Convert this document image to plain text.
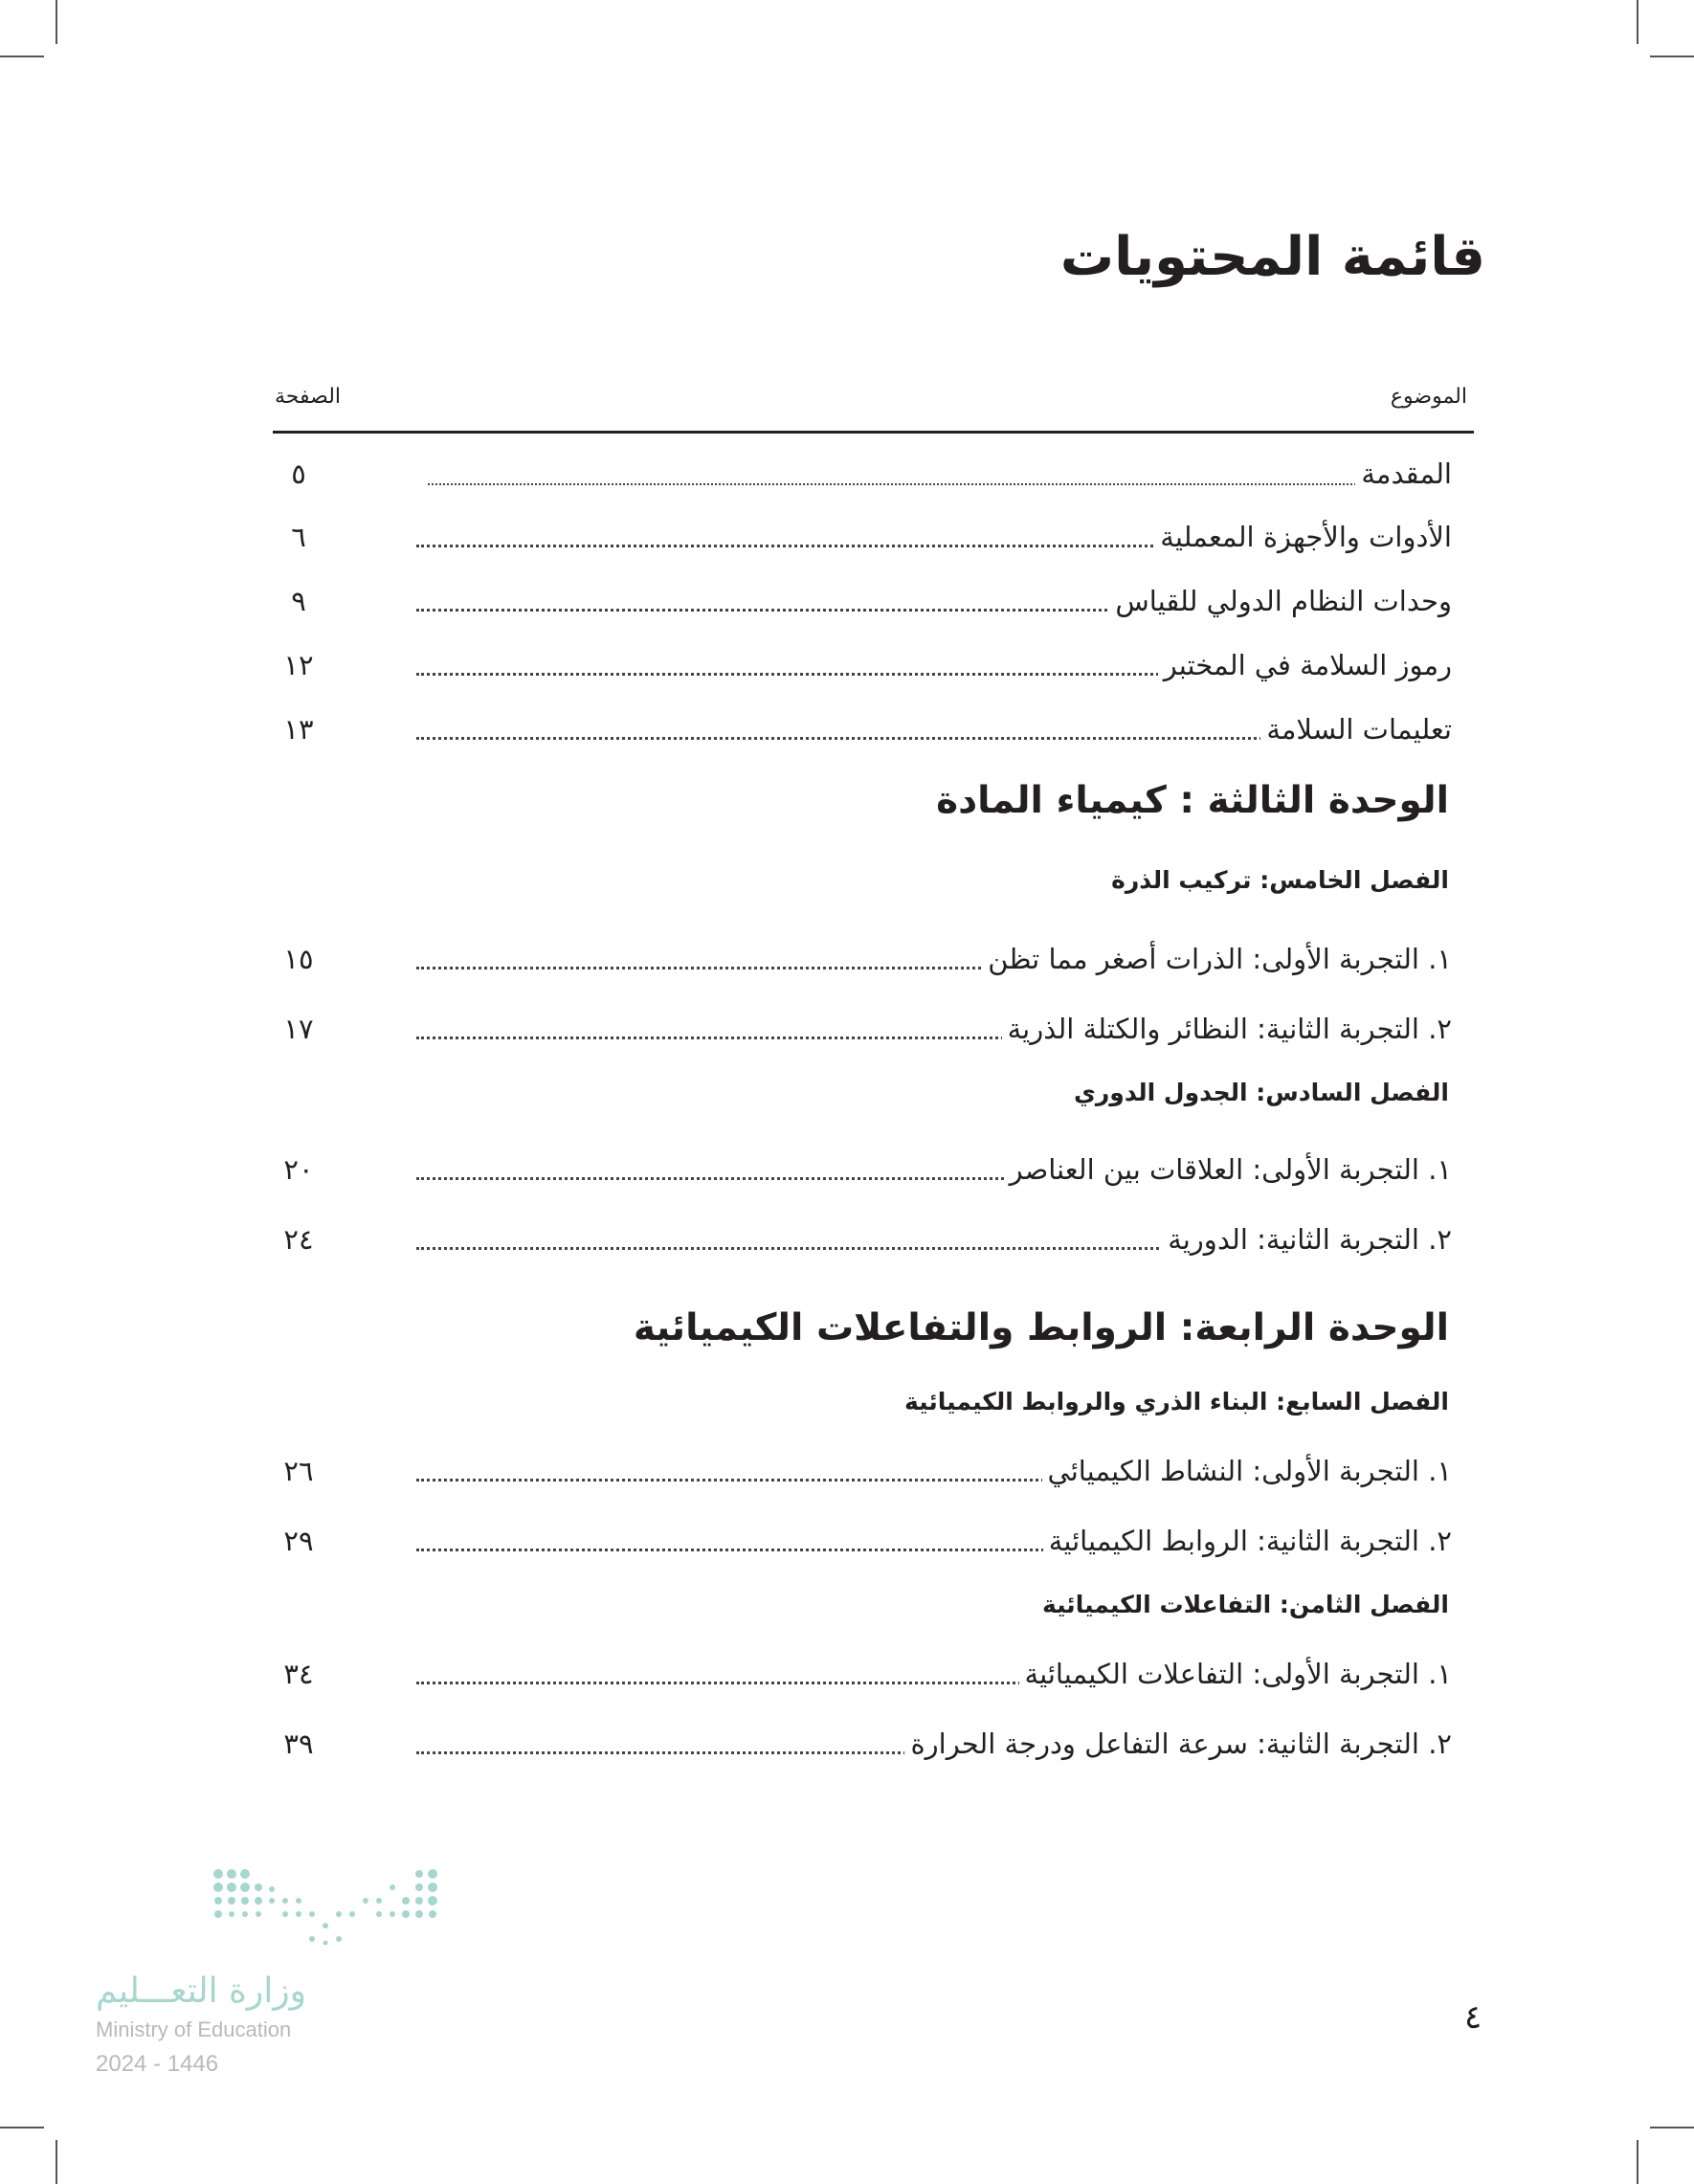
قائمة المحتويات
الموضوع
الصفحة
المقدمة
٥
الأدوات والأجهزة المعملية
٦
وحدات النظام الدولي للقياس
٩
رموز السلامة في المختبر
١٢
تعليمات السلامة
١٣
الوحدة الثالثة : كيمياء المادة
الفصل الخامس: تركيب الذرة
١. التجربة الأولى: الذرات أصغر مما تظن
١٥
٢. التجربة الثانية: النظائر والكتلة الذرية
١٧
الفصل السادس: الجدول الدوري
١. التجربة الأولى: العلاقات بين العناصر
٢٠
٢. التجربة الثانية: الدورية
٢٤
الوحدة الرابعة: الروابط والتفاعلات الكيميائية
الفصل السابع: البناء الذري والروابط الكيميائية
١. التجربة الأولى: النشاط الكيميائي
٢٦
٢. التجربة الثانية: الروابط الكيميائية
٢٩
الفصل الثامن: التفاعلات الكيميائية
١. التجربة الأولى: التفاعلات الكيميائية
٣٤
٢. التجربة الثانية: سرعة التفاعل ودرجة الحرارة
٣٩
وزارة التعـــليم
Ministry of Education
2024 - 1446
٤
